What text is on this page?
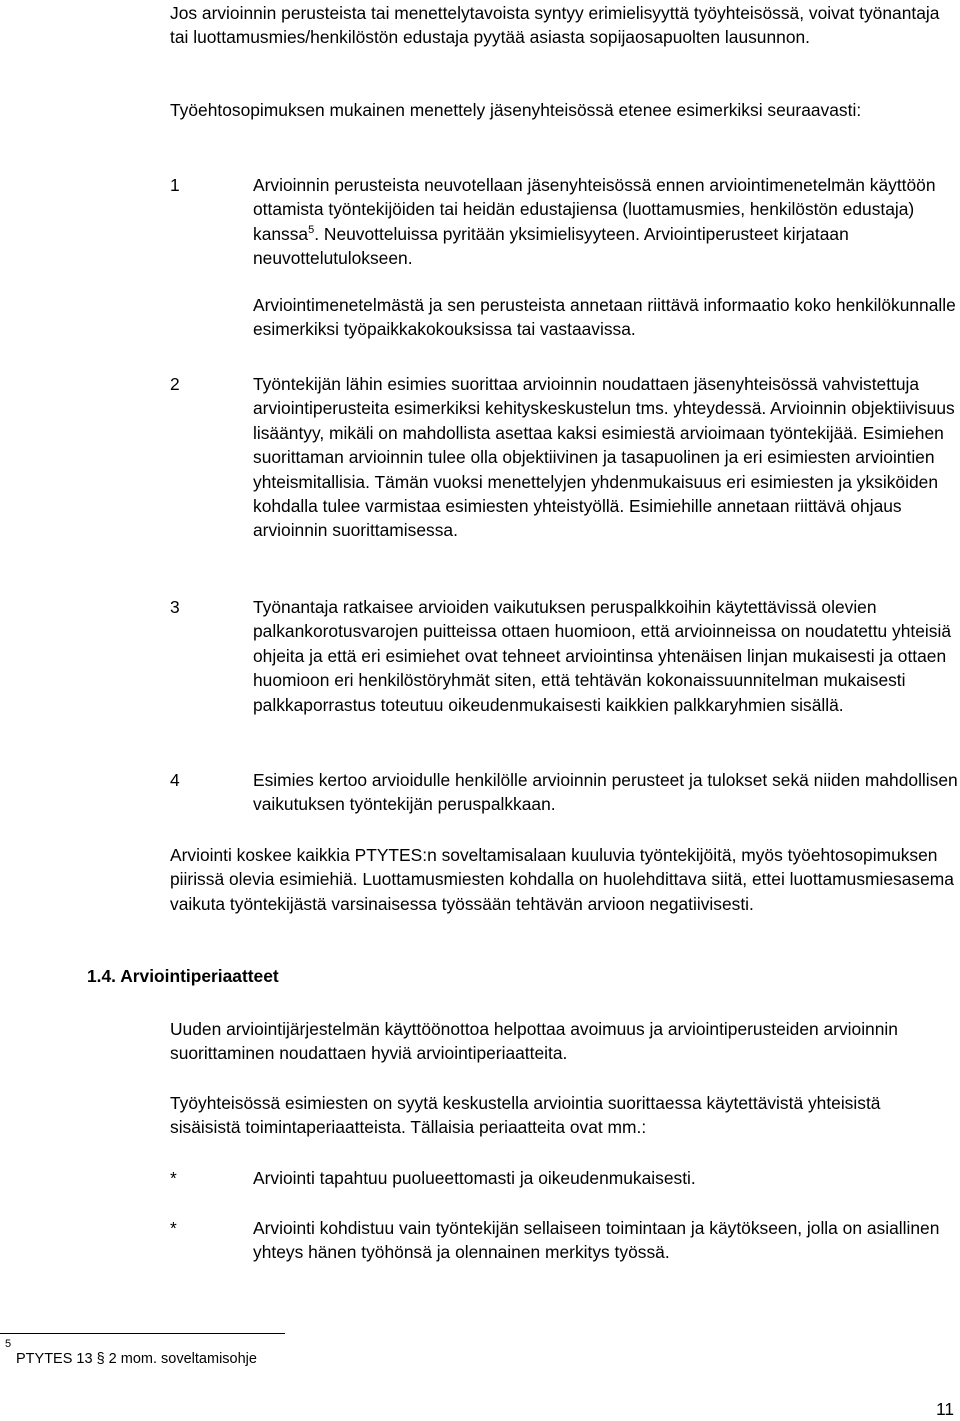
Jos arvioinnin perusteista tai menettelytavoista syntyy erimielisyyttä työyhteisössä, voivat työnantaja tai luottamusmies/henkilöstön edustaja pyytää asiasta sopijaosapuolten lausunnon.

Työehtosopimuksen mukainen menettely jäsenyhteisössä etenee esimerkiksi seuraavasti:

1	Arvioinnin perusteista neuvotellaan jäsenyhteisössä ennen arviointimenetelmän käyttöön ottamista työntekijöiden tai heidän edustajiensa (luottamusmies, henkilöstön edustaja) kanssa$^5$. Neuvotteluissa pyritään yksimielisyyteen. Arviointiperusteet kirjataan neuvottelutulokseen.

Arviointimenetelmästä ja sen perusteista annetaan riittävä informaatio koko henkilökunnalle esimerkiksi työpaikkakokouksissa tai vastaavissa.

2	Työntekijän lähin esimies suorittaa arvioinnin noudattaen jäsenyhteisössä vahvistettuja arviointiperusteita esimerkiksi kehityskeskustelun tms. yhteydessä. Arvioinnin objektiivisuus lisääntyy, mikäli on mahdollista asettaa kaksi esimiestä arvioimaan työntekijää. Esimiehen suorittaman arvioinnin tulee olla objektiivinen ja tasapuolinen ja eri esimiesten arviointien yhteismitallisia. Tämän vuoksi menettelyjen yhdenmukaisuus eri esimiesten ja yksiköiden kohdalla tulee varmistaa esimiesten yhteistyöllä. Esimiehille annetaan riittävä ohjaus arvioinnin suorittamisessa.

3	Työnantaja ratkaisee arvioiden vaikutuksen peruspalkkoihin käytettävissä olevien palkankorotusvarojen puitteissa ottaen huomioon, että arvioinneissa on noudatettu yhteisiä ohjeita ja että eri esimiehet ovat tehneet arviointinsa yhtenäisen linjan mukaisesti ja ottaen huomioon eri henkilöstöryhmät siten, että tehtävän kokonaissuunnitelman mukaisesti palkkaporrastus toteutuu oikeudenmukaisesti kaikkien palkkaryhmien sisällä.

4	Esimies kertoo arvioidulle henkilölle arvioinnin perusteet ja tulokset sekä niiden mahdollisen vaikutuksen työntekijän peruspalkkaan.

Arviointi koskee kaikkia PTYTES:n soveltamisalaan kuuluvia työntekijöitä, myös työehtosopimuksen piirissä olevia esimiehiä. Luottamusmiesten kohdalla on huolehdittava siitä, ettei luottamusmiesasema vaikuta työntekijästä varsinaisessa työssään tehtävän arvioon negatiivisesti.

1.4. Arviointiperiaatteet

Uuden arviointijärjestelmän käyttöönottoa helpottaa avoimuus ja arviointiperusteiden arvioinnin suorittaminen noudattaen hyviä arviointiperiaatteita.

Työyhteisössä esimiesten on syytä keskustella arviointia suorittaessa käytettävistä yhteisistä sisäisistä toimintaperiaatteista. Tällaisia periaatteita ovat mm.:

*	Arviointi tapahtuu puolueettomasti ja oikeudenmukaisesti.

*	Arviointi kohdistuu vain työntekijän sellaiseen toimintaan ja käytökseen, jolla on asiallinen yhteys hänen työhönsä ja olennainen merkitys työssä.

5
PTYTES 13 § 2 mom. soveltamisohje
11
